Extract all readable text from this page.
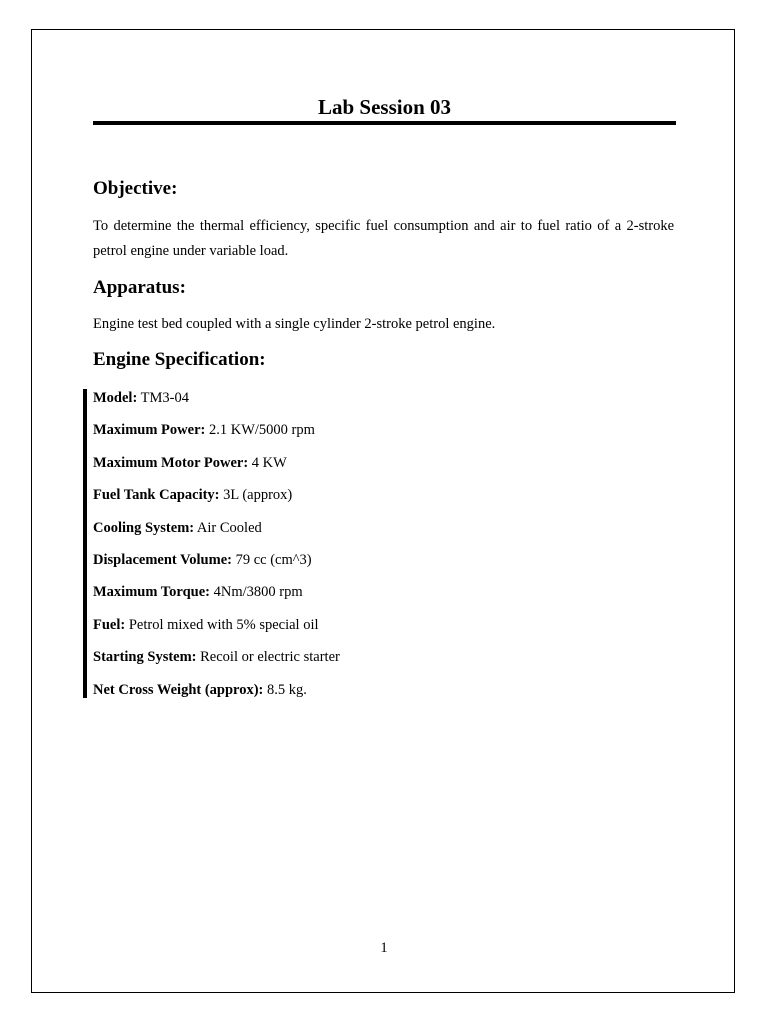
Lab Session 03
Objective:

To determine the thermal efficiency, specific fuel consumption and air to fuel ratio of a 2-stroke petrol engine under variable load.

Apparatus:

Engine test bed coupled with a single cylinder 2-stroke petrol engine.

Engine Specification:
Model: TM3-04
Maximum Power: 2.1 KW/5000 rpm
Maximum Motor Power: 4 KW
Fuel Tank Capacity: 3L (approx)
Cooling System: Air Cooled
Displacement Volume: 79 cc (cm^3)
Maximum Torque: 4Nm/3800 rpm
Fuel: Petrol mixed with 5% special oil
Starting System: Recoil or electric starter
Net Cross Weight (approx): 8.5 kg.
1
